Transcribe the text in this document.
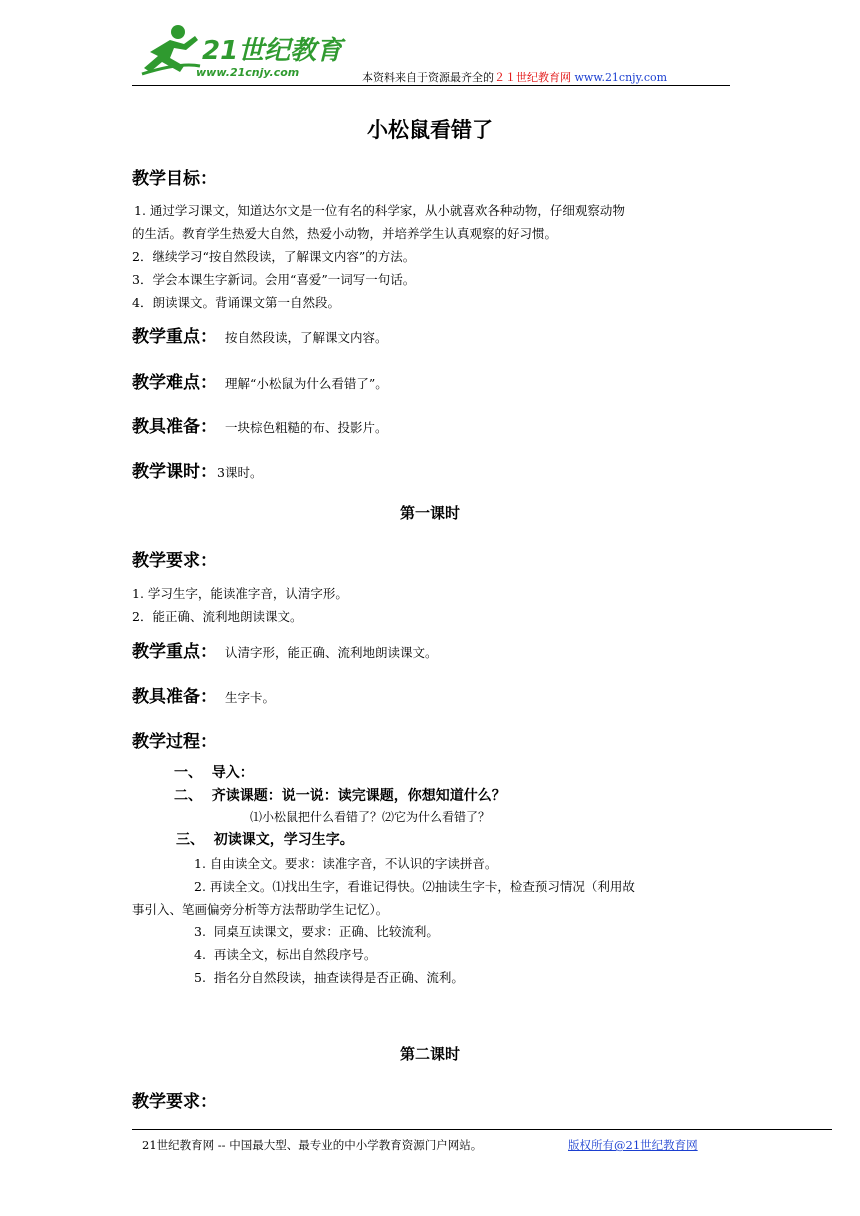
21世纪教育
www.21cnjy.com	本资料来自于资源最齐全的２１世纪教育网 www.21cnjy.com
小松鼠看错了
教学目标：
1. 通过学习课文，知道达尔文是一位有名的科学家，从小就喜欢各种动物，仔细观察动物
的生活。教育学生热爱大自然，热爱小动物，并培养学生认真观察的好习惯。
2．继续学习“按自然段读，了解课文内容”的方法。
3．学会本课生字新词。会用“喜爱”一词写一句话。
4．朗读课文。背诵课文第一自然段。
教学重点： 按自然段读，了解课文内容。
教学难点： 理解“小松鼠为什么看错了”。
教具准备： 一块棕色粗糙的布、投影片。
教学课时：3课时。
第一课时
教学要求：
1. 学习生字，能读准字音，认清字形。
2．能正确、流利地朗读课文。
教学重点： 认清字形，能正确、流利地朗读课文。
教具准备： 生字卡。
教学过程：
一、  导入：
二、  齐读课题：说一说：读完课题，你想知道什么？
⑴小松鼠把什么看错了？⑵它为什么看错了？
三、  初读课文，学习生字。
1. 自由读全文。要求：读准字音，不认识的字读拼音。
2. 再读全文。⑴找出生字，看谁记得快。⑵抽读生字卡，检查预习情况（利用故
事引入、笔画偏旁分析等方法帮助学生记忆）。
3.  同桌互读课文，要求：正确、比较流利。
4.  再读全文，标出自然段序号。
5.  指名分自然段读，抽查读得是否正确、流利。
第二课时
教学要求：
21世纪教育网 -- 中国最大型、最专业的中小学教育资源门户网站。	版权所有@21世纪教育网
